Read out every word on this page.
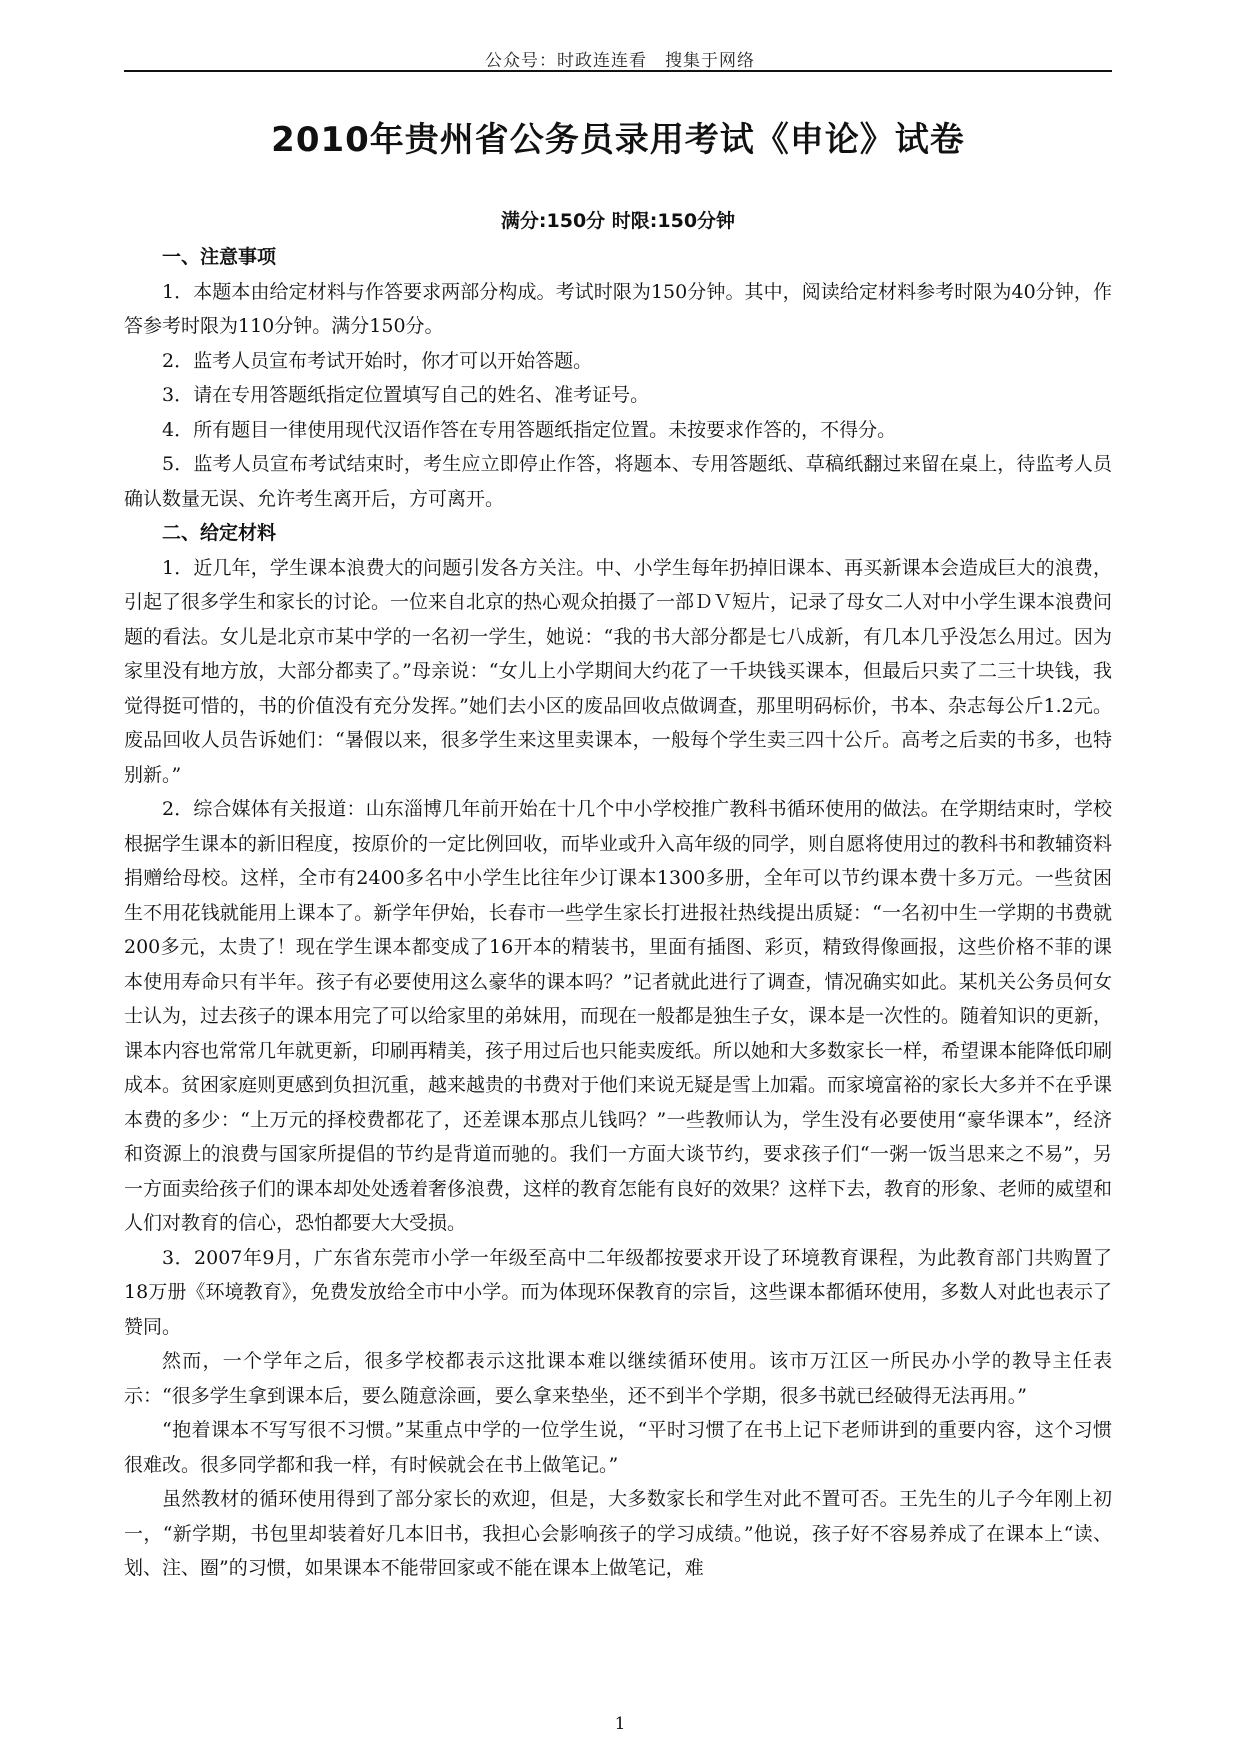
公众号：时政连连看　搜集于网络
2010年贵州省公务员录用考试《申论》试卷
满分:150分 时限:150分钟
一、注意事项

1．本题本由给定材料与作答要求两部分构成。考试时限为150分钟。其中，阅读给定材料参考时限为40分钟，作答参考时限为110分钟。满分150分。

2．监考人员宣布考试开始时，你才可以开始答题。

3．请在专用答题纸指定位置填写自己的姓名、准考证号。

4．所有题目一律使用现代汉语作答在专用答题纸指定位置。未按要求作答的，不得分。

5．监考人员宣布考试结束时，考生应立即停止作答，将题本、专用答题纸、草稿纸翻过来留在桌上，待监考人员确认数量无误、允许考生离开后，方可离开。

二、给定材料

1．近几年，学生课本浪费大的问题引发各方关注。中、小学生每年扔掉旧课本、再买新课本会造成巨大的浪费，引起了很多学生和家长的讨论。一位来自北京的热心观众拍摄了一部ＤＶ短片，记录了母女二人对中小学生课本浪费问题的看法。女儿是北京市某中学的一名初一学生，她说：“我的书大部分都是七八成新，有几本几乎没怎么用过。因为家里没有地方放，大部分都卖了。”母亲说：“女儿上小学期间大约花了一千块钱买课本，但最后只卖了二三十块钱，我觉得挺可惜的，书的价值没有充分发挥。”她们去小区的废品回收点做调查，那里明码标价，书本、杂志每公斤1.2元。废品回收人员告诉她们：“暑假以来，很多学生来这里卖课本，一般每个学生卖三四十公斤。高考之后卖的书多，也特别新。”

2．综合媒体有关报道：山东淄博几年前开始在十几个中小学校推广教科书循环使用的做法。在学期结束时，学校根据学生课本的新旧程度，按原价的一定比例回收，而毕业或升入高年级的同学，则自愿将使用过的教科书和教辅资料捐赠给母校。这样，全市有2400多名中小学生比往年少订课本1300多册，全年可以节约课本费十多万元。一些贫困生不用花钱就能用上课本了。新学年伊始，长春市一些学生家长打进报社热线提出质疑：“一名初中生一学期的书费就200多元，太贵了！现在学生课本都变成了16开本的精装书，里面有插图、彩页，精致得像画报，这些价格不菲的课本使用寿命只有半年。孩子有必要使用这么豪华的课本吗？”记者就此进行了调查，情况确实如此。某机关公务员何女士认为，过去孩子的课本用完了可以给家里的弟妹用，而现在一般都是独生子女，课本是一次性的。随着知识的更新，课本内容也常常几年就更新，印刷再精美，孩子用过后也只能卖废纸。所以她和大多数家长一样，希望课本能降低印刷成本。贫困家庭则更感到负担沉重，越来越贵的书费对于他们来说无疑是雪上加霜。而家境富裕的家长大多并不在乎课本费的多少：“上万元的择校费都花了，还差课本那点儿钱吗？”一些教师认为，学生没有必要使用“豪华课本”，经济和资源上的浪费与国家所提倡的节约是背道而驰的。我们一方面大谈节约，要求孩子们“一粥一饭当思来之不易”，另一方面卖给孩子们的课本却处处透着奢侈浪费，这样的教育怎能有良好的效果？这样下去，教育的形象、老师的威望和人们对教育的信心，恐怕都要大大受损。

3．2007年9月，广东省东莞市小学一年级至高中二年级都按要求开设了环境教育课程，为此教育部门共购置了18万册《环境教育》，免费发放给全市中小学。而为体现环保教育的宗旨，这些课本都循环使用，多数人对此也表示了赞同。

然而，一个学年之后，很多学校都表示这批课本难以继续循环使用。该市万江区一所民办小学的教导主任表示：“很多学生拿到课本后，要么随意涂画，要么拿来垫坐，还不到半个学期，很多书就已经破得无法再用。”

“抱着课本不写写很不习惯。”某重点中学的一位学生说，“平时习惯了在书上记下老师讲到的重要内容，这个习惯很难改。很多同学都和我一样，有时候就会在书上做笔记。”

虽然教材的循环使用得到了部分家长的欢迎，但是，大多数家长和学生对此不置可否。王先生的儿子今年刚上初一，“新学期，书包里却装着好几本旧书，我担心会影响孩子的学习成绩。”他说，孩子好不容易养成了在课本上“读、划、注、圈”的习惯，如果课本不能带回家或不能在课本上做笔记，难

1
